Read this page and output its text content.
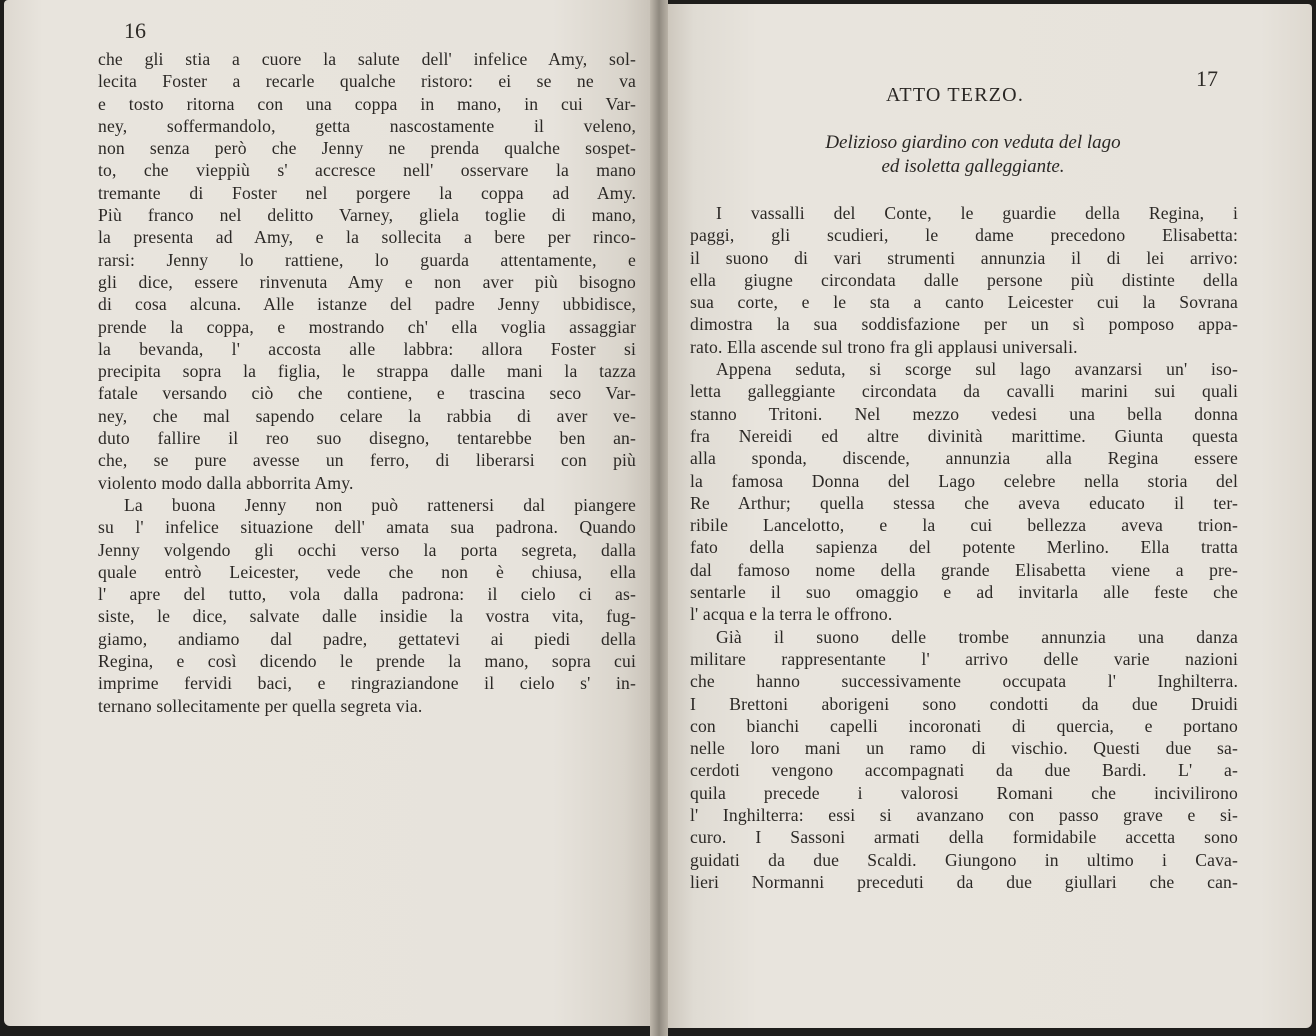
16
che gli stia a cuore la salute dell' infelice Amy, sol-
lecita Foster a recarle qualche ristoro: ei se ne va
e tosto ritorna con una coppa in mano, in cui Var-
ney, soffermandolo, getta nascostamente il veleno,
non senza però che Jenny ne prenda qualche sospet-
to, che vieppiù s' accresce nell' osservare la mano
tremante di Foster nel porgere la coppa ad Amy.
Più franco nel delitto Varney, gliela toglie di mano,
la presenta ad Amy, e la sollecita a bere per rinco-
rarsi: Jenny lo rattiene, lo guarda attentamente, e
gli dice, essere rinvenuta Amy e non aver più bisogno
di cosa alcuna. Alle istanze del padre Jenny ubbidisce,
prende la coppa, e mostrando ch' ella voglia assaggiar
la bevanda, l' accosta alle labbra: allora Foster si
precipita sopra la figlia, le strappa dalle mani la tazza
fatale versando ciò che contiene, e trascina seco Var-
ney, che mal sapendo celare la rabbia di aver ve-
duto fallire il reo suo disegno, tentarebbe ben an-
che, se pure avesse un ferro, di liberarsi con più
violento modo dalla abborrita Amy.
La buona Jenny non può rattenersi dal piangere
su l' infelice situazione dell' amata sua padrona. Quando
Jenny volgendo gli occhi verso la porta segreta, dalla
quale entrò Leicester, vede che non è chiusa, ella
l' apre del tutto, vola dalla padrona: il cielo ci as-
siste, le dice, salvate dalle insidie la vostra vita, fug-
giamo, andiamo dal padre, gettatevi ai piedi della
Regina, e così dicendo le prende la mano, sopra cui
imprime fervidi baci, e ringraziandone il cielo s' in-
ternano sollecitamente per quella segreta via.
17
ATTO TERZO.
Delizioso giardino con veduta del lago
ed isoletta galleggiante.
I vassalli del Conte, le guardie della Regina, i
paggi, gli scudieri, le dame precedono Elisabetta:
il suono di vari strumenti annunzia il di lei arrivo:
ella giugne circondata dalle persone più distinte della
sua corte, e le sta a canto Leicester cui la Sovrana
dimostra la sua soddisfazione per un sì pomposo appa-
rato. Ella ascende sul trono fra gli applausi universali.
Appena seduta, si scorge sul lago avanzarsi un' iso-
letta galleggiante circondata da cavalli marini sui quali
stanno Tritoni. Nel mezzo vedesi una bella donna
fra Nereidi ed altre divinità marittime. Giunta questa
alla sponda, discende, annunzia alla Regina essere
la famosa Donna del Lago celebre nella storia del
Re Arthur; quella stessa che aveva educato il ter-
ribile Lancelotto, e la cui bellezza aveva trion-
fato della sapienza del potente Merlino. Ella tratta
dal famoso nome della grande Elisabetta viene a pre-
sentarle il suo omaggio e ad invitarla alle feste che
l' acqua e la terra le offrono.
Già il suono delle trombe annunzia una danza
militare rappresentante l' arrivo delle varie nazioni
che hanno successivamente occupata l' Inghilterra.
I Brettoni aborigeni sono condotti da due Druidi
con bianchi capelli incoronati di quercia, e portano
nelle loro mani un ramo di vischio. Questi due sa-
cerdoti vengono accompagnati da due Bardi. L' a-
quila precede i valorosi Romani che incivilirono
l' Inghilterra: essi si avanzano con passo grave e si-
curo. I Sassoni armati della formidabile accetta sono
guidati da due Scaldi. Giungono in ultimo i Cava-
lieri Normanni preceduti da due giullari che can-
